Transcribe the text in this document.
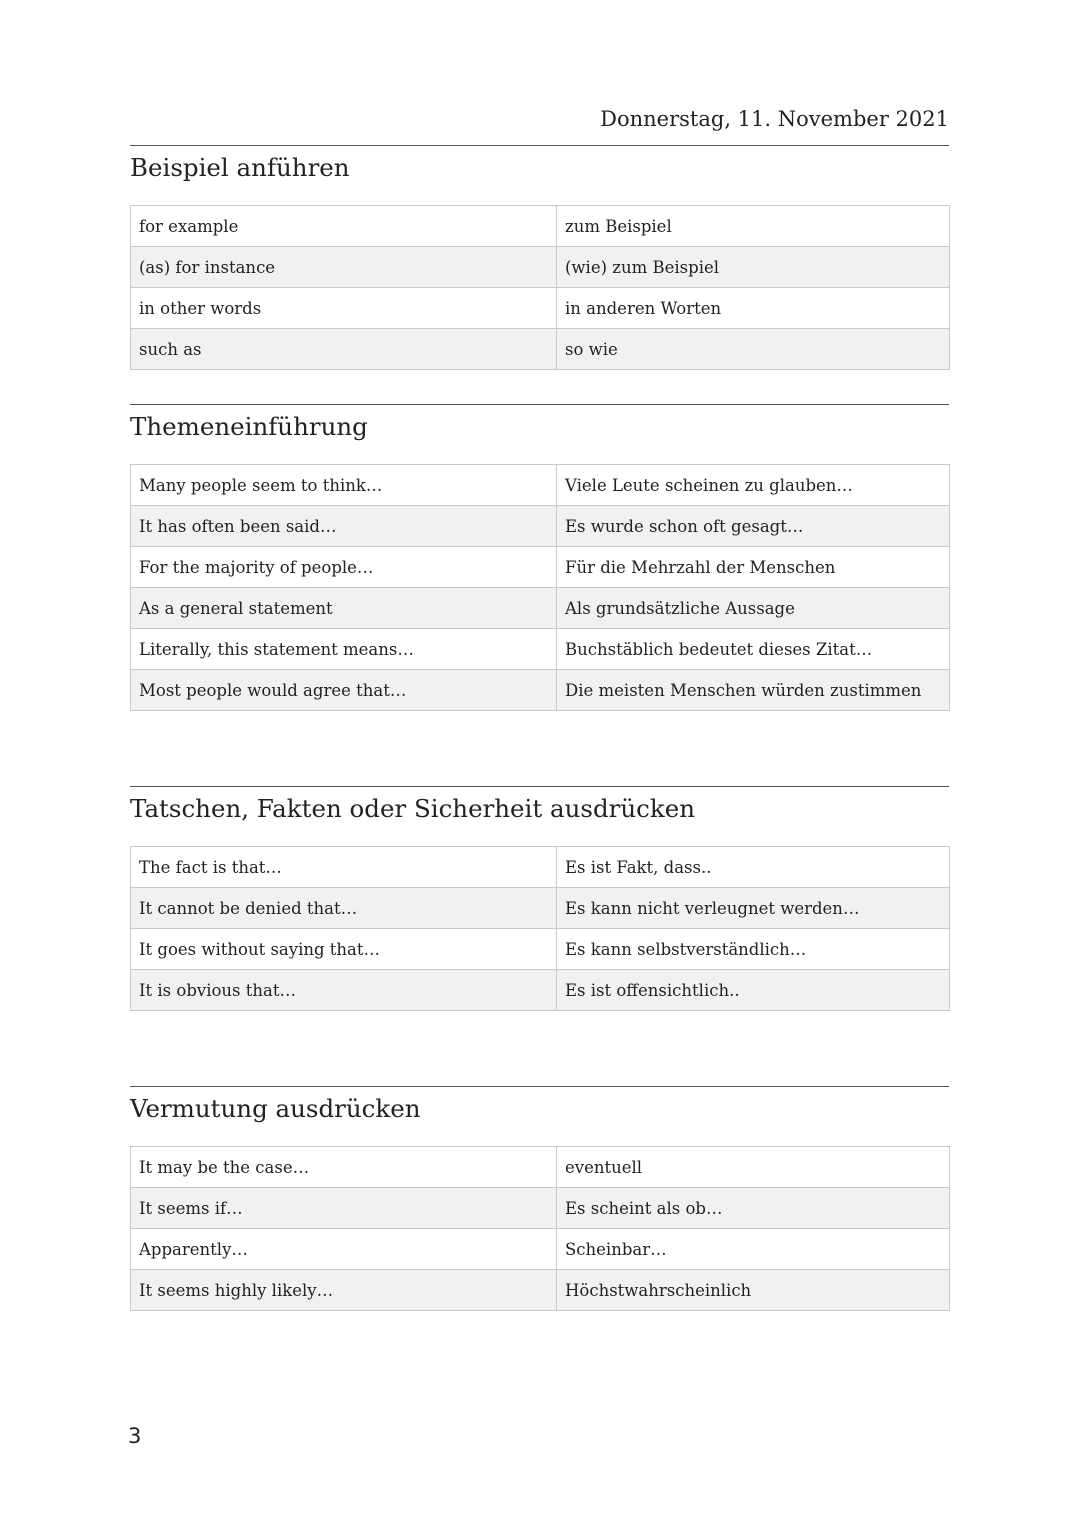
Donnerstag, 11. November 2021
Beispiel anführen
for example	zum Beispiel
(as) for instance	(wie) zum Beispiel
in other words	in anderen Worten
such as	so wie
Themeneinführung
Many people seem to think…	Viele Leute scheinen zu glauben…
It has often been said…	Es wurde schon oft gesagt…
For the majority of people…	Für die Mehrzahl der Menschen
As a general statement	Als grundsätzliche Aussage
Literally, this statement means…	Buchstäblich bedeutet dieses Zitat…
Most people would agree that…	Die meisten Menschen würden zustimmen
Tatschen, Fakten oder Sicherheit ausdrücken
The fact is that…	Es ist Fakt, dass..
It cannot be denied that…	Es kann nicht verleugnet werden…
It goes without saying that…	Es kann selbstverständlich…
It is obvious that…	Es ist offensichtlich..
Vermutung ausdrücken
It may be the case…	eventuell
It seems if…	Es scheint als ob…
Apparently…	Scheinbar…
It seems highly likely…	Höchstwahrscheinlich
3
